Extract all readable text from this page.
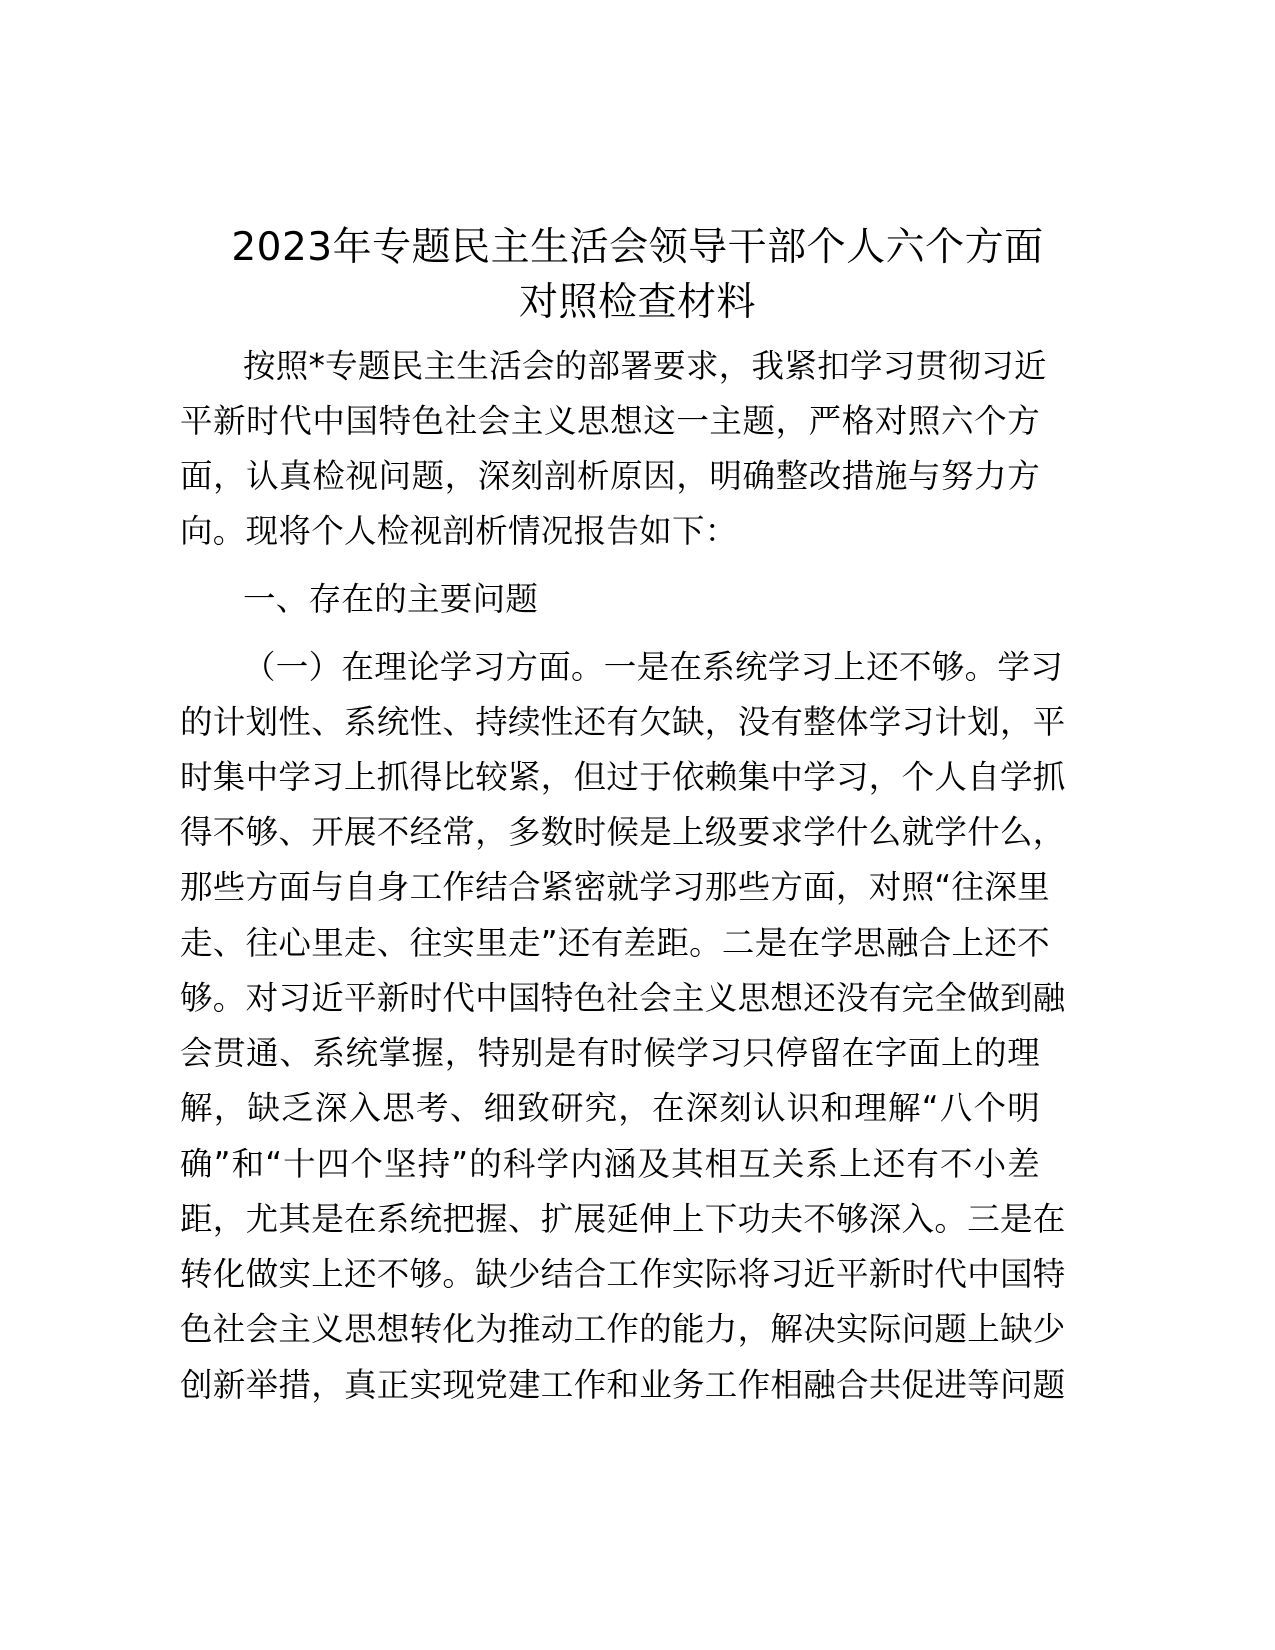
2023年专题民主生活会领导干部个人六个方面
对照检查材料
按照*专题民主生活会的部署要求，我紧扣学习贯彻习近
平新时代中国特色社会主义思想这一主题，严格对照六个方
面，认真检视问题，深刻剖析原因，明确整改措施与努力方
向。现将个人检视剖析情况报告如下：
一、存在的主要问题
（一）在理论学习方面。一是在系统学习上还不够。学习
的计划性、系统性、持续性还有欠缺，没有整体学习计划，平
时集中学习上抓得比较紧，但过于依赖集中学习，个人自学抓
得不够、开展不经常，多数时候是上级要求学什么就学什么，
那些方面与自身工作结合紧密就学习那些方面，对照“往深里
走、往心里走、往实里走”还有差距。二是在学思融合上还不
够。对习近平新时代中国特色社会主义思想还没有完全做到融
会贯通、系统掌握，特别是有时候学习只停留在字面上的理
解，缺乏深入思考、细致研究，在深刻认识和理解“八个明
确”和“十四个坚持”的科学内涵及其相互关系上还有不小差
距，尤其是在系统把握、扩展延伸上下功夫不够深入。三是在
转化做实上还不够。缺少结合工作实际将习近平新时代中国特
色社会主义思想转化为推动工作的能力，解决实际问题上缺少
创新举措，真正实现党建工作和业务工作相融合共促进等问题
